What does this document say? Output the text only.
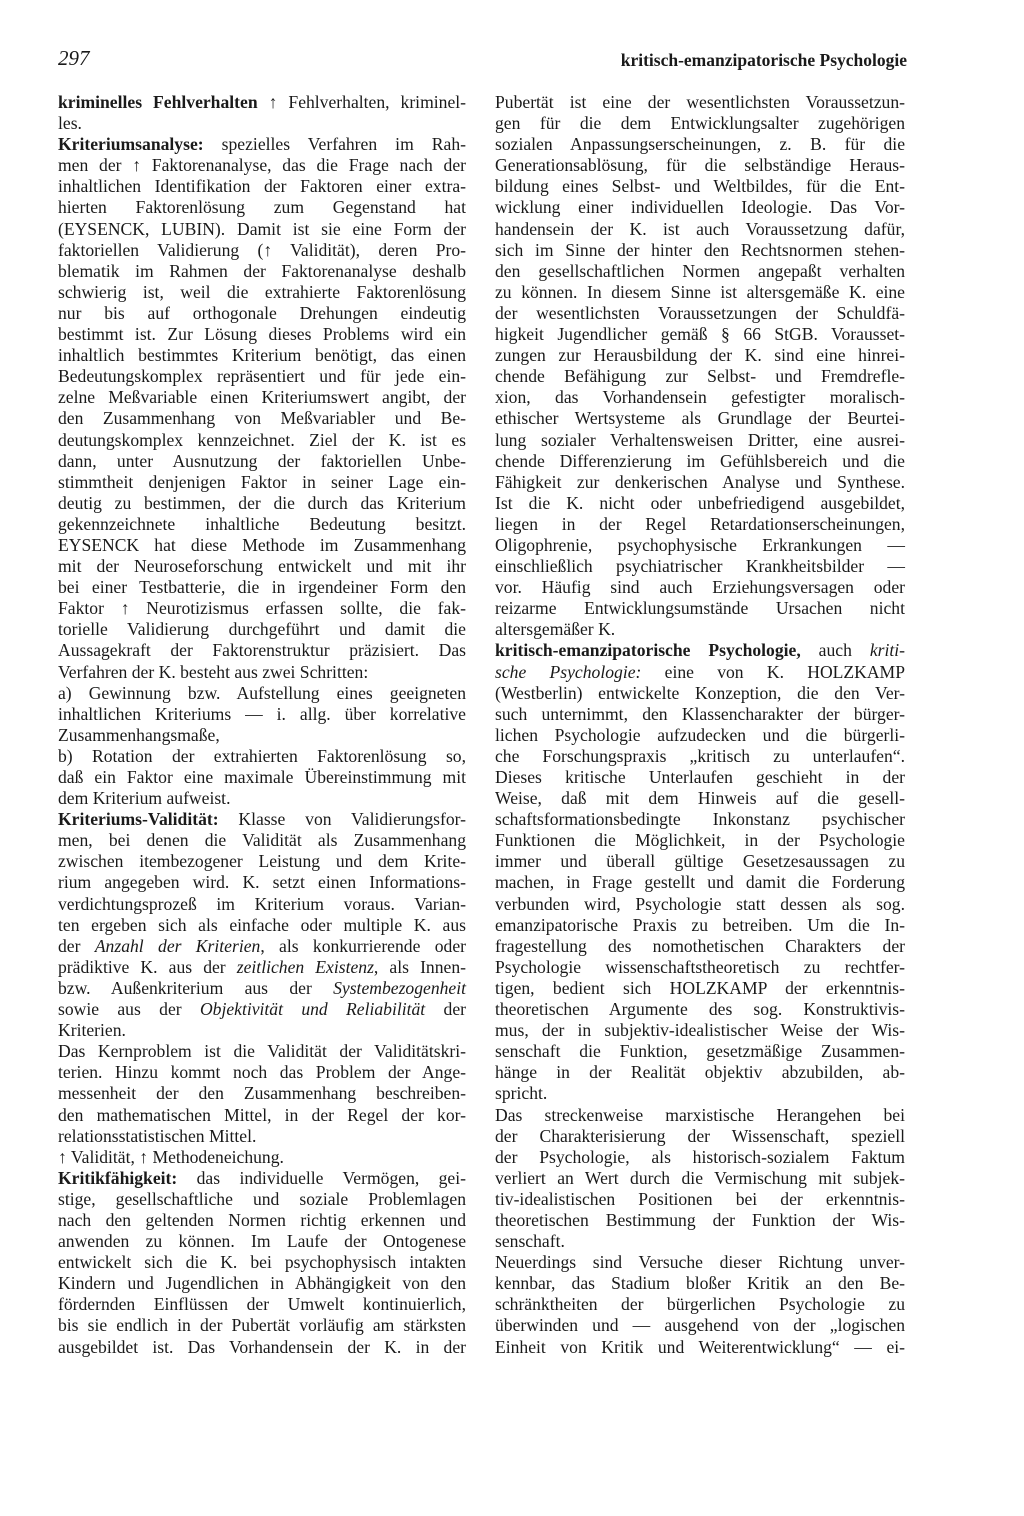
297	kritisch-emanzipatorische Psychologie
kriminelles Fehlverhalten ↑ Fehlverhalten, kriminel-
les.
Kriteriumsanalyse: spezielles Verfahren im Rah-
men der ↑ Faktorenanalyse, das die Frage nach der
inhaltlichen Identifikation der Faktoren einer extra-
hierten Faktorenlösung zum Gegenstand hat
(EYSENCK, LUBIN). Damit ist sie eine Form der
faktoriellen Validierung (↑ Validität), deren Pro-
blematik im Rahmen der Faktorenanalyse deshalb
schwierig ist, weil die extrahierte Faktorenlösung
nur bis auf orthogonale Drehungen eindeutig
bestimmt ist. Zur Lösung dieses Problems wird ein
inhaltlich bestimmtes Kriterium benötigt, das einen
Bedeutungskomplex repräsentiert und für jede ein-
zelne Meßvariable einen Kriteriumswert angibt, der
den Zusammenhang von Meßvariabler und Be-
deutungskomplex kennzeichnet. Ziel der K. ist es
dann, unter Ausnutzung der faktoriellen Unbe-
stimmtheit denjenigen Faktor in seiner Lage ein-
deutig zu bestimmen, der die durch das Kriterium
gekennzeichnete inhaltliche Bedeutung besitzt.
EYSENCK hat diese Methode im Zusammenhang
mit der Neuroseforschung entwickelt und mit ihr
bei einer Testbatterie, die in irgendeiner Form den
Faktor ↑ Neurotizismus erfassen sollte, die fak-
torielle Validierung durchgeführt und damit die
Aussagekraft der Faktorenstruktur präzisiert. Das
Verfahren der K. besteht aus zwei Schritten:
a) Gewinnung bzw. Aufstellung eines geeigneten
inhaltlichen Kriteriums — i. allg. über korrelative
Zusammenhangsmaße,
b) Rotation der extrahierten Faktorenlösung so,
daß ein Faktor eine maximale Übereinstimmung mit
dem Kriterium aufweist.
Kriteriums-Validität: Klasse von Validierungsfor-
men, bei denen die Validität als Zusammenhang
zwischen itembezogener Leistung und dem Krite-
rium angegeben wird. K. setzt einen Informations-
verdichtungsprozeß im Kriterium voraus. Varian-
ten ergeben sich als einfache oder multiple K. aus
der Anzahl der Kriterien, als konkurrierende oder
prädiktive K. aus der zeitlichen Existenz, als Innen-
bzw. Außenkriterium aus der Systembezogenheit
sowie aus der Objektivität und Reliabilität der
Kriterien.
Das Kernproblem ist die Validität der Validitätskri-
terien. Hinzu kommt noch das Problem der Ange-
messenheit der den Zusammenhang beschreiben-
den mathematischen Mittel, in der Regel der kor-
relationsstatistischen Mittel.
↑ Validität, ↑ Methodeneichung.
Kritikfähigkeit: das individuelle Vermögen, gei-
stige, gesellschaftliche und soziale Problemlagen
nach den geltenden Normen richtig erkennen und
anwenden zu können. Im Laufe der Ontogenese
entwickelt sich die K. bei psychophysisch intakten
Kindern und Jugendlichen in Abhängigkeit von den
fördernden Einflüssen der Umwelt kontinuierlich,
bis sie endlich in der Pubertät vorläufig am stärksten
ausgebildet ist. Das Vorhandensein der K. in der
Pubertät ist eine der wesentlichsten Voraussetzun-
gen für die dem Entwicklungsalter zugehörigen
sozialen Anpassungserscheinungen, z. B. für die
Generationsablösung, für die selbständige Heraus-
bildung eines Selbst- und Weltbildes, für die Ent-
wicklung einer individuellen Ideologie. Das Vor-
handensein der K. ist auch Voraussetzung dafür,
sich im Sinne der hinter den Rechtsnormen stehen-
den gesellschaftlichen Normen angepaßt verhalten
zu können. In diesem Sinne ist altersgemäße K. eine
der wesentlichsten Voraussetzungen der Schuldfä-
higkeit Jugendlicher gemäß § 66 StGB. Vorausset-
zungen zur Herausbildung der K. sind eine hinrei-
chende Befähigung zur Selbst- und Fremdrefle-
xion, das Vorhandensein gefestigter moralisch-
ethischer Wertsysteme als Grundlage der Beurtei-
lung sozialer Verhaltensweisen Dritter, eine ausrei-
chende Differenzierung im Gefühlsbereich und die
Fähigkeit zur denkerischen Analyse und Synthese.
Ist die K. nicht oder unbefriedigend ausgebildet,
liegen in der Regel Retardationserscheinungen,
Oligophrenie, psychophysische Erkrankungen —
einschließlich psychiatrischer Krankheitsbilder —
vor. Häufig sind auch Erziehungsversagen oder
reizarme Entwicklungsumstände Ursachen nicht
altersgemäßer K.
kritisch-emanzipatorische Psychologie, auch kriti-
sche Psychologie: eine von K. HOLZKAMP
(Westberlin) entwickelte Konzeption, die den Ver-
such unternimmt, den Klassencharakter der bürger-
lichen Psychologie aufzudecken und die bürgerli-
che Forschungspraxis „kritisch zu unterlaufen“.
Dieses kritische Unterlaufen geschieht in der
Weise, daß mit dem Hinweis auf die gesell-
schaftsformationsbedingte Inkonstanz psychischer
Funktionen die Möglichkeit, in der Psychologie
immer und überall gültige Gesetzesaussagen zu
machen, in Frage gestellt und damit die Forderung
verbunden wird, Psychologie statt dessen als sog.
emanzipatorische Praxis zu betreiben. Um die In-
fragestellung des nomothetischen Charakters der
Psychologie wissenschaftstheoretisch zu rechtfer-
tigen, bedient sich HOLZKAMP der erkenntnis-
theoretischen Argumente des sog. Konstruktivis-
mus, der in subjektiv-idealistischer Weise der Wis-
senschaft die Funktion, gesetzmäßige Zusammen-
hänge in der Realität objektiv abzubilden, ab-
spricht.
Das streckenweise marxistische Herangehen bei
der Charakterisierung der Wissenschaft, speziell
der Psychologie, als historisch-sozialem Faktum
verliert an Wert durch die Vermischung mit subjek-
tiv-idealistischen Positionen bei der erkenntnis-
theoretischen Bestimmung der Funktion der Wis-
senschaft.
Neuerdings sind Versuche dieser Richtung unver-
kennbar, das Stadium bloßer Kritik an den Be-
schränktheiten der bürgerlichen Psychologie zu
überwinden und — ausgehend von der „logischen
Einheit von Kritik und Weiterentwicklung“ — ei-
